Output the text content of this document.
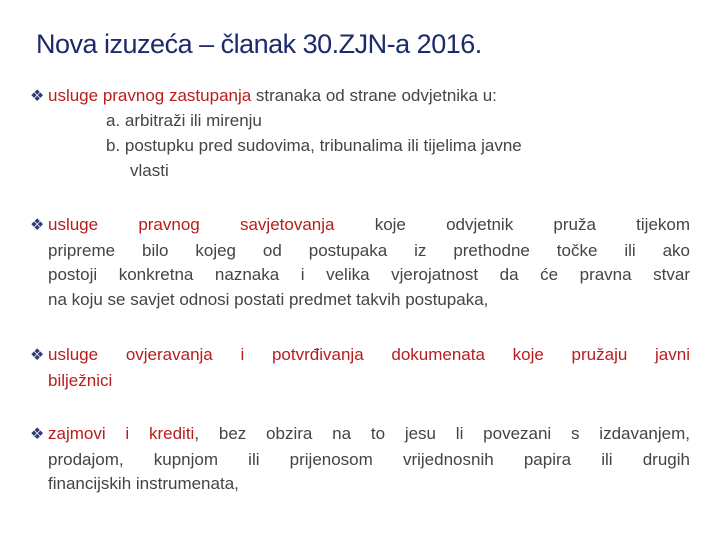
Nova izuzeća – članak 30.ZJN-a 2016.
❖ usluge pravnog zastupanja stranaka od strane odvjetnika u:
a. arbitraži ili mirenju
b. postupku pred sudovima, tribunalima ili tijelima javne
vlasti
❖ usluge pravnog savjetovanja koje odvjetnik pruža tijekom
pripreme bilo kojeg od postupaka iz prethodne točke ili ako
postoji konkretna naznaka i velika vjerojatnost da će pravna stvar
na koju se savjet odnosi postati predmet takvih postupaka,
❖ usluge ovjeravanja i potvrđivanja dokumenata koje pružaju javni
bilježnici
❖ zajmovi i krediti, bez obzira na to jesu li povezani s izdavanjem,
prodajom, kupnjom ili prijenosom vrijednosnih papira ili drugih
financijskih instrumenata,
